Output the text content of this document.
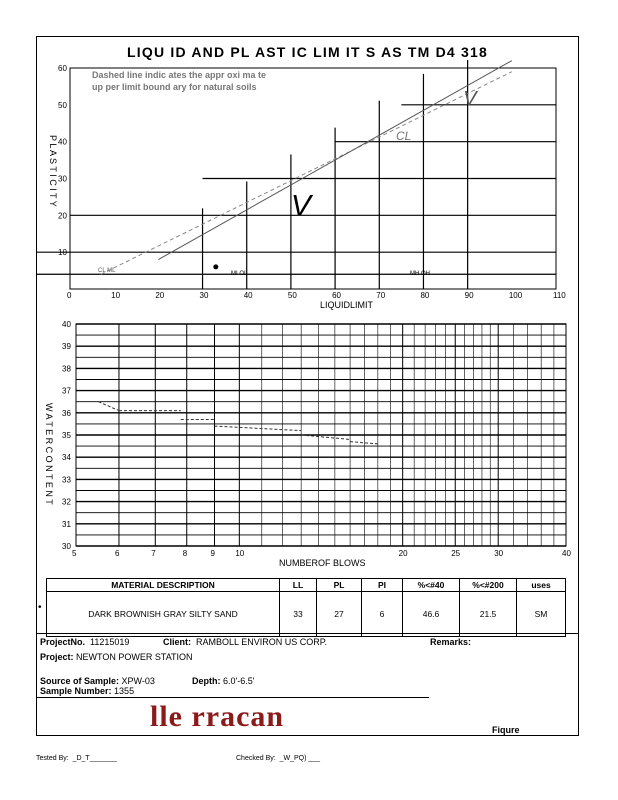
LIQU ID AND PL AST IC LIM IT S AS TM D4 318
0	10	20	30	40	50	60	70	80	90	100	110
10
20
30
40
50
60
V
V
Dashed line indic ates the appr oxi ma te
up per limit bound ary for natural soils
LIQUIDLIMIT
P L A S T I C I T Y
MI OI	MH OH
CL ML
CL
5	6	7	8	9	10	20	25	30	40
30
31
32
33
34
35
36
37
38
39
40
NUMBEROF BLOWS
W A T E R C O N T E N T
•
MATERIAL DESCRIPTION	LL	PL	PI	%<#40	%<#200	uses
DARK BROWNISH GRAY SILTY SAND	33	27	6	46.6	21.5	SM
ProjectNo. 11215019	Client: RAMBOLL ENVIRON US CORP.	Remarks:
Project: NEWTON POWER STATION
Source of Sample: XPW-03	Depth: 6.0'-6.5'
Sample Number: 1355
lle rracan	Fiqure
Tested By: _D_T_______	Checked By: _W_PQ) ___
